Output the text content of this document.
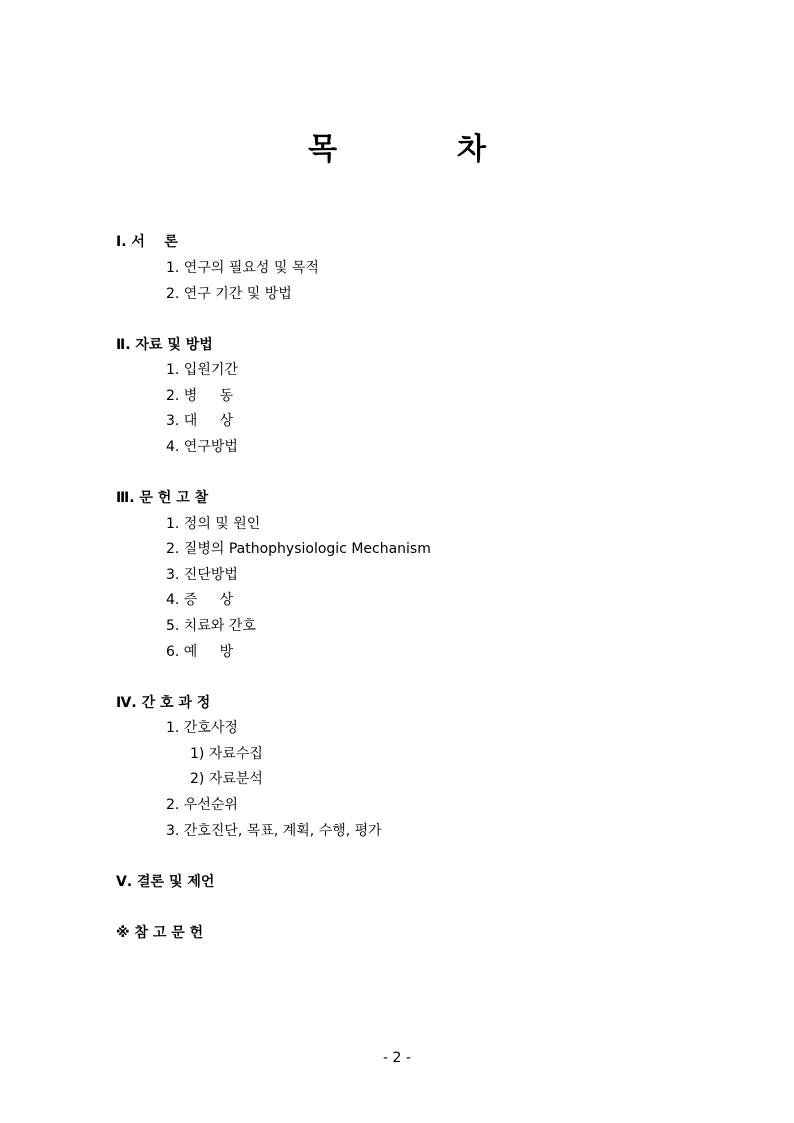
목	차
Ⅰ. 서    론
1. 연구의 필요성 및 목적
2. 연구 기간 및 방법
Ⅱ. 자료 및 방법
1. 입원기간
2. 병     동
3. 대     상
4. 연구방법
Ⅲ. 문 헌 고 찰
1. 정의 및 원인
2. 질병의 Pathophysiologic Mechanism
3. 진단방법
4. 증     상
5. 치료와 간호
6. 예     방
Ⅳ. 간 호 과 정
1. 간호사정
1) 자료수집
2) 자료분석
2. 우선순위
3. 간호진단, 목표, 계획, 수행, 평가
Ⅴ. 결론 및 제언
※ 참 고 문 헌
- 2 -
